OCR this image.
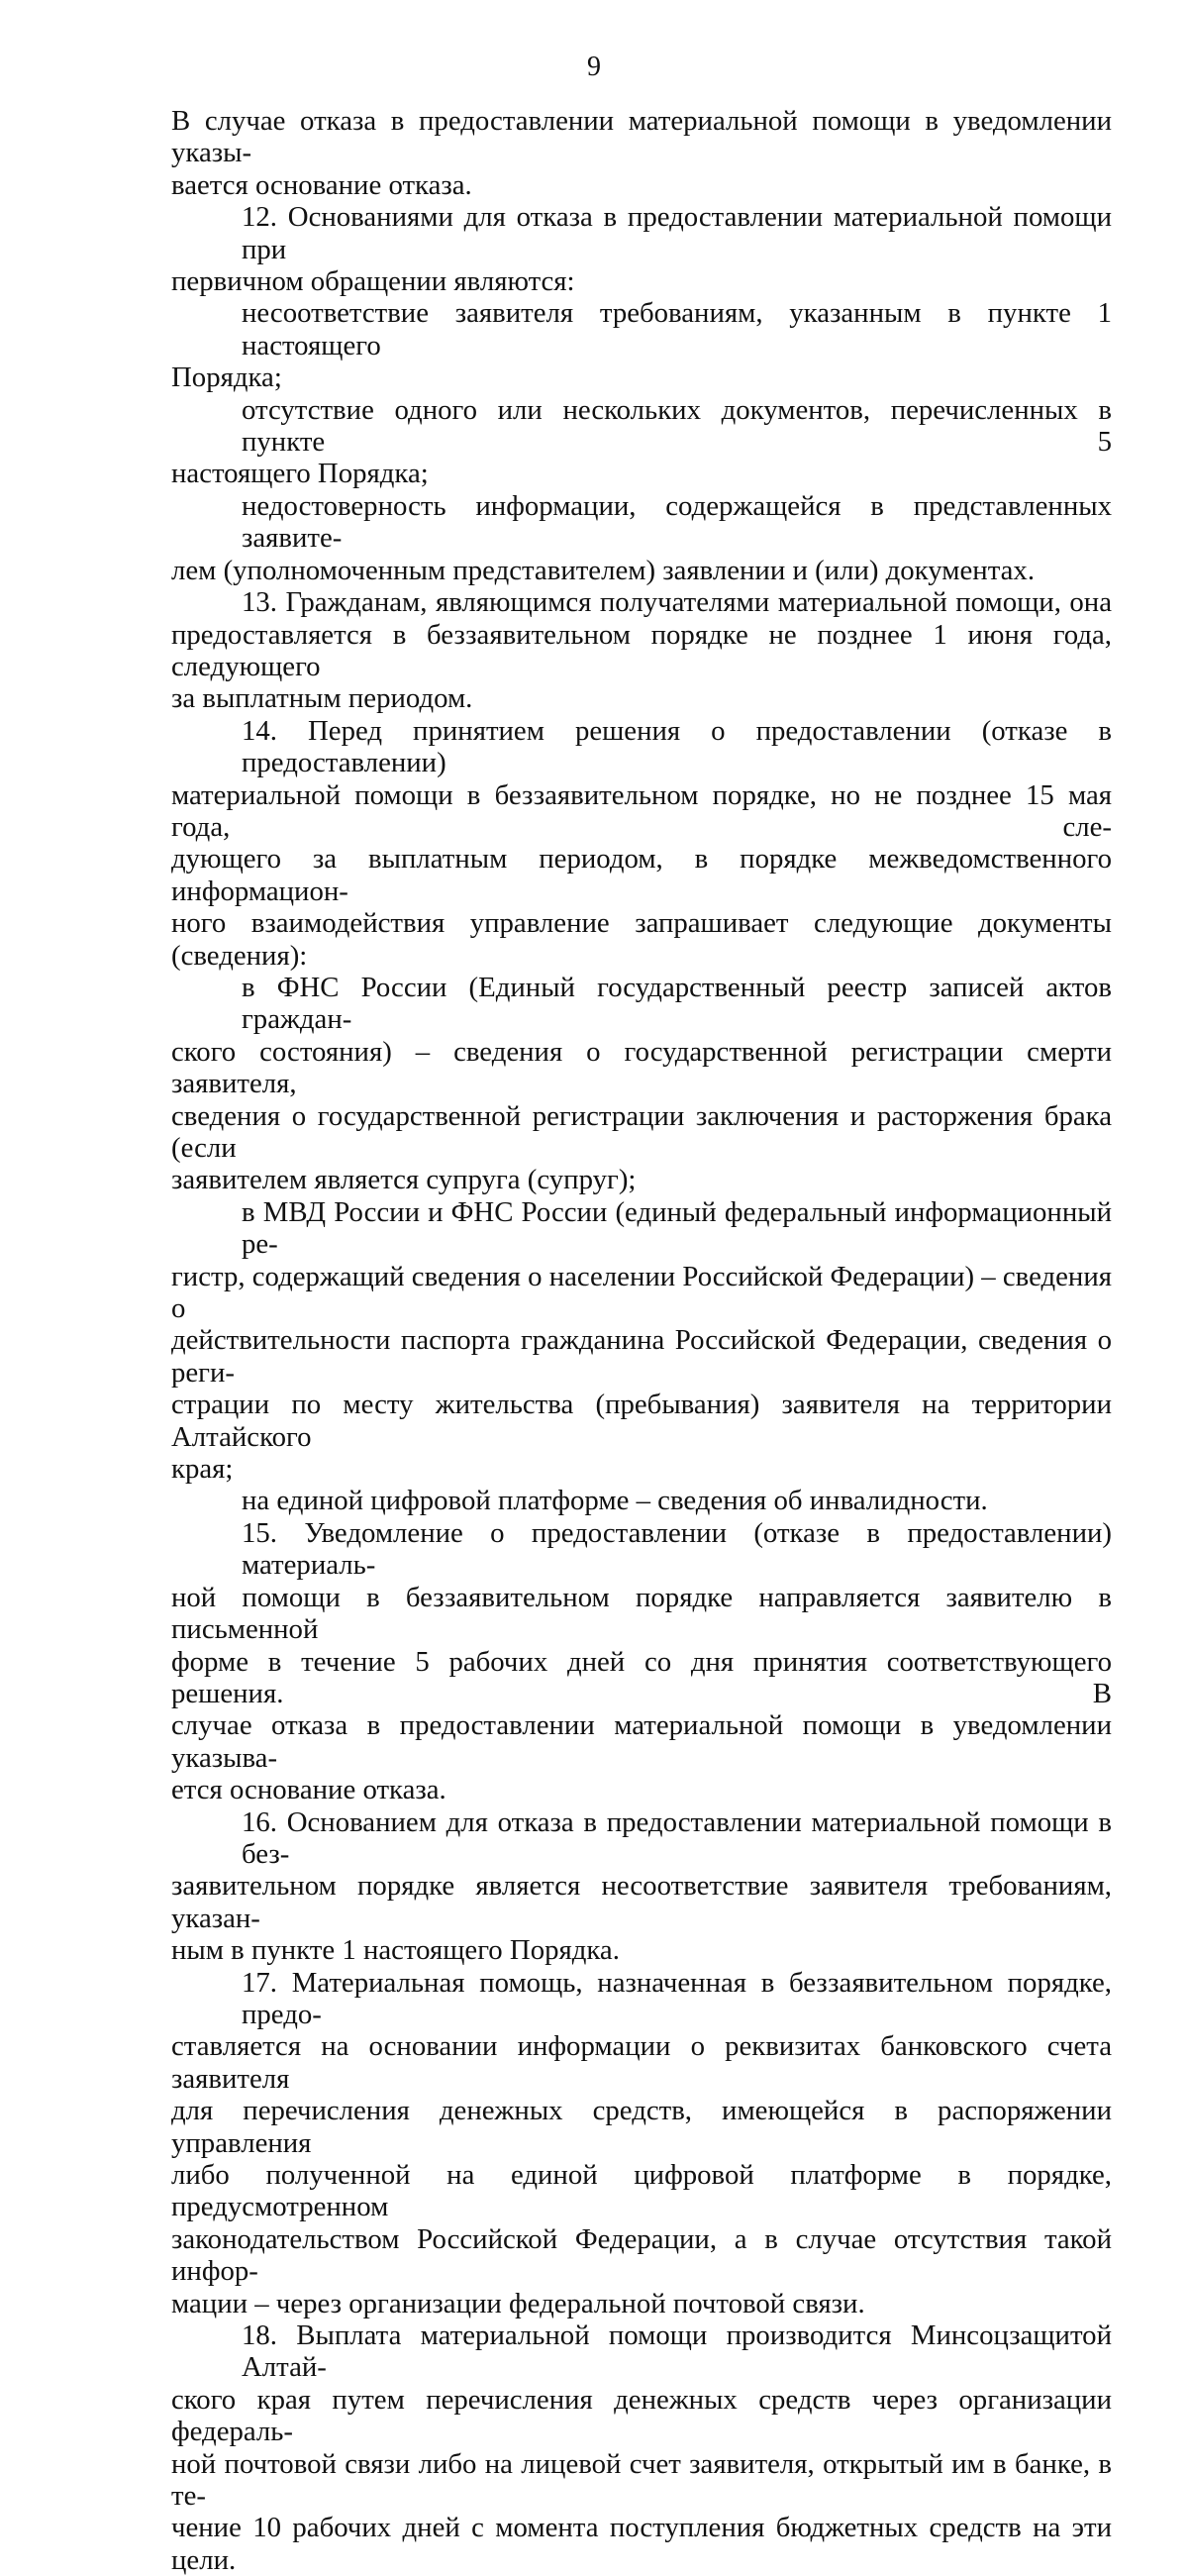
9
В случае отказа в предоставлении материальной помощи в уведомлении указы-
вается основание отказа.
12. Основаниями для отказа в предоставлении материальной помощи при
первичном обращении являются:
несоответствие заявителя требованиям, указанным в пункте 1 настоящего
Порядка;
отсутствие одного или нескольких документов, перечисленных в пункте 5
настоящего Порядка;
недостоверность информации, содержащейся в представленных заявите-
лем (уполномоченным представителем) заявлении и (или) документах.
13. Гражданам, являющимся получателями материальной помощи, она
предоставляется в беззаявительном порядке не позднее 1 июня года, следующего
за выплатным периодом.
14. Перед принятием решения о предоставлении (отказе в предоставлении)
материальной помощи в беззаявительном порядке, но не позднее 15 мая года, сле-
дующего за выплатным периодом, в порядке межведомственного информацион-
ного взаимодействия управление запрашивает следующие документы (сведения):
в ФНС России (Единый государственный реестр записей актов граждан-
ского состояния) – сведения о государственной регистрации смерти заявителя,
сведения о государственной регистрации заключения и расторжения брака (если
заявителем является супруга (супруг);
в МВД России и ФНС России (единый федеральный информационный ре-
гистр, содержащий сведения о населении Российской Федерации) – сведения о
действительности паспорта гражданина Российской Федерации, сведения о реги-
страции по месту жительства (пребывания) заявителя на территории Алтайского
края;
на единой цифровой платформе – сведения об инвалидности.
15. Уведомление о предоставлении (отказе в предоставлении) материаль-
ной помощи в беззаявительном порядке направляется заявителю в письменной
форме в течение 5 рабочих дней со дня принятия соответствующего решения. В
случае отказа в предоставлении материальной помощи в уведомлении указыва-
ется основание отказа.
16. Основанием для отказа в предоставлении материальной помощи в без-
заявительном порядке является несоответствие заявителя требованиям, указан-
ным в пункте 1 настоящего Порядка.
17. Материальная помощь, назначенная в беззаявительном порядке, предо-
ставляется на основании информации о реквизитах банковского счета заявителя
для перечисления денежных средств, имеющейся в распоряжении управления
либо полученной на единой цифровой платформе в порядке, предусмотренном
законодательством Российской Федерации, а в случае отсутствия такой инфор-
мации – через организации федеральной почтовой связи.
18. Выплата материальной помощи производится Минсоцзащитой Алтай-
ского края путем перечисления денежных средств через организации федераль-
ной почтовой связи либо на лицевой счет заявителя, открытый им в банке, в те-
чение 10 рабочих дней с момента поступления бюджетных средств на эти цели.
